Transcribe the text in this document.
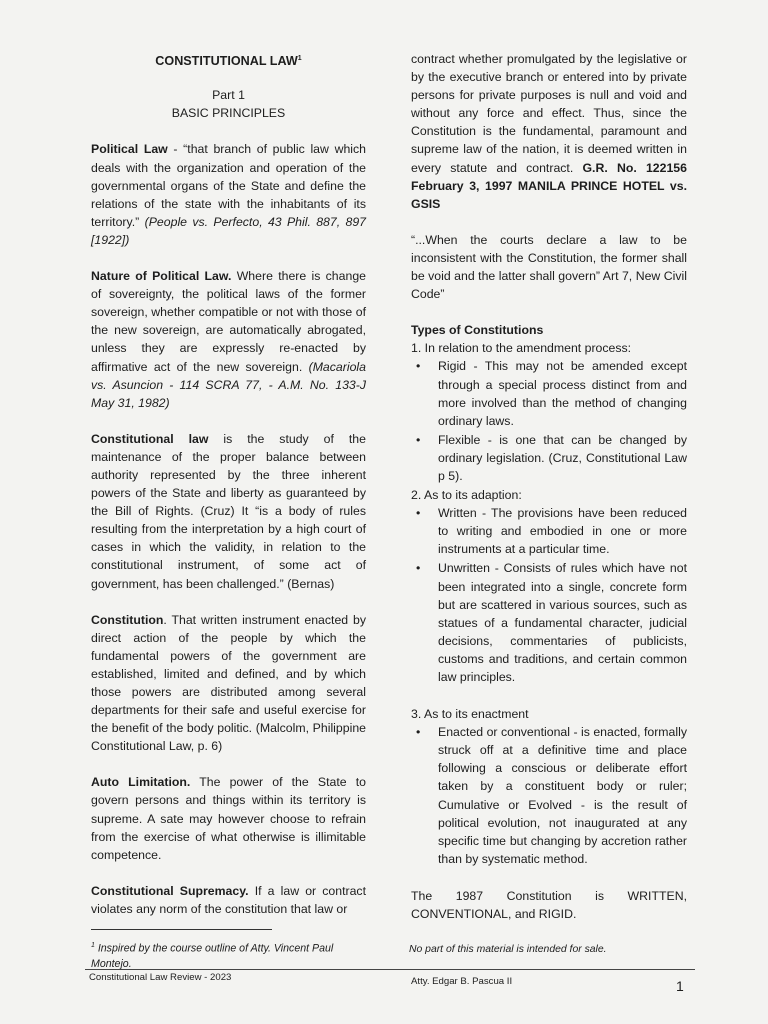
CONSTITUTIONAL LAW$^1$

Part 1

BASIC PRINCIPLES

Political Law - “that branch of public law which deals with the organization and operation of the governmental organs of the State and define the relations of the state with the inhabitants of its territory.” (People vs. Perfecto, 43 Phil. 887, 897 [1922])

Nature of Political Law. Where there is change of sovereignty, the political laws of the former sovereign, whether compatible or not with those of the new sovereign, are automatically abrogated, unless they are expressly re-enacted by affirmative act of the new sovereign. (Macariola vs. Asuncion - 114 SCRA 77, - A.M. No. 133-J May 31, 1982)

Constitutional law is the study of the maintenance of the proper balance between authority represented by the three inherent powers of the State and liberty as guaranteed by the Bill of Rights. (Cruz) It “is a body of rules resulting from the interpretation by a high court of cases in which the validity, in relation to the constitutional instrument, of some act of government, has been challenged.” (Bernas)

Constitution. That written instrument enacted by direct action of the people by which the fundamental powers of the government are established, limited and defined, and by which those powers are distributed among several departments for their safe and useful exercise for the benefit of the body politic. (Malcolm, Philippine Constitutional Law, p. 6)

Auto Limitation. The power of the State to govern persons and things within its territory is supreme. A sate may however choose to refrain from the exercise of what otherwise is illimitable competence.

Constitutional Supremacy. If a law or contract violates any norm of the constitution that law or

contract whether promulgated by the legislative or by the executive branch or entered into by private persons for private purposes is null and void and without any force and effect. Thus, since the Constitution is the fundamental, paramount and supreme law of the nation, it is deemed written in every statute and contract. G.R. No. 122156 February 3, 1997 MANILA PRINCE HOTEL vs. GSIS

“...When the courts declare a law to be inconsistent with the Constitution, the former shall be void and the latter shall govern” Art 7, New Civil Code”

Types of Constitutions

1. In relation to the amendment process:

• Rigid - This may not be amended except through a special process distinct from and more involved than the method of changing ordinary laws.
• Flexible - is one that can be changed by ordinary legislation. (Cruz, Constitutional Law p 5).

2. As to its adaption:

• Written - The provisions have been reduced to writing and embodied in one or more instruments at a particular time.
• Unwritten - Consists of rules which have not been integrated into a single, concrete form but are scattered in various sources, such as statues of a fundamental character, judicial decisions, commentaries of publicists, customs and traditions, and certain common law principles.

3. As to its enactment

• Enacted or conventional - is enacted, formally struck off at a definitive time and place following a conscious or deliberate effort taken by a constituent body or ruler; Cumulative or Evolved - is the result of political evolution, not inaugurated at any specific time but changing by accretion rather than by systematic method.

The 1987 Constitution is WRITTEN, CONVENTIONAL, and RIGID.

$^1$ Inspired by the course outline of Atty. Vincent Paul Montejo.

No part of this material is intended for sale.

Constitutional Law Review - 2023	Atty. Edgar B. Pascua II	1
